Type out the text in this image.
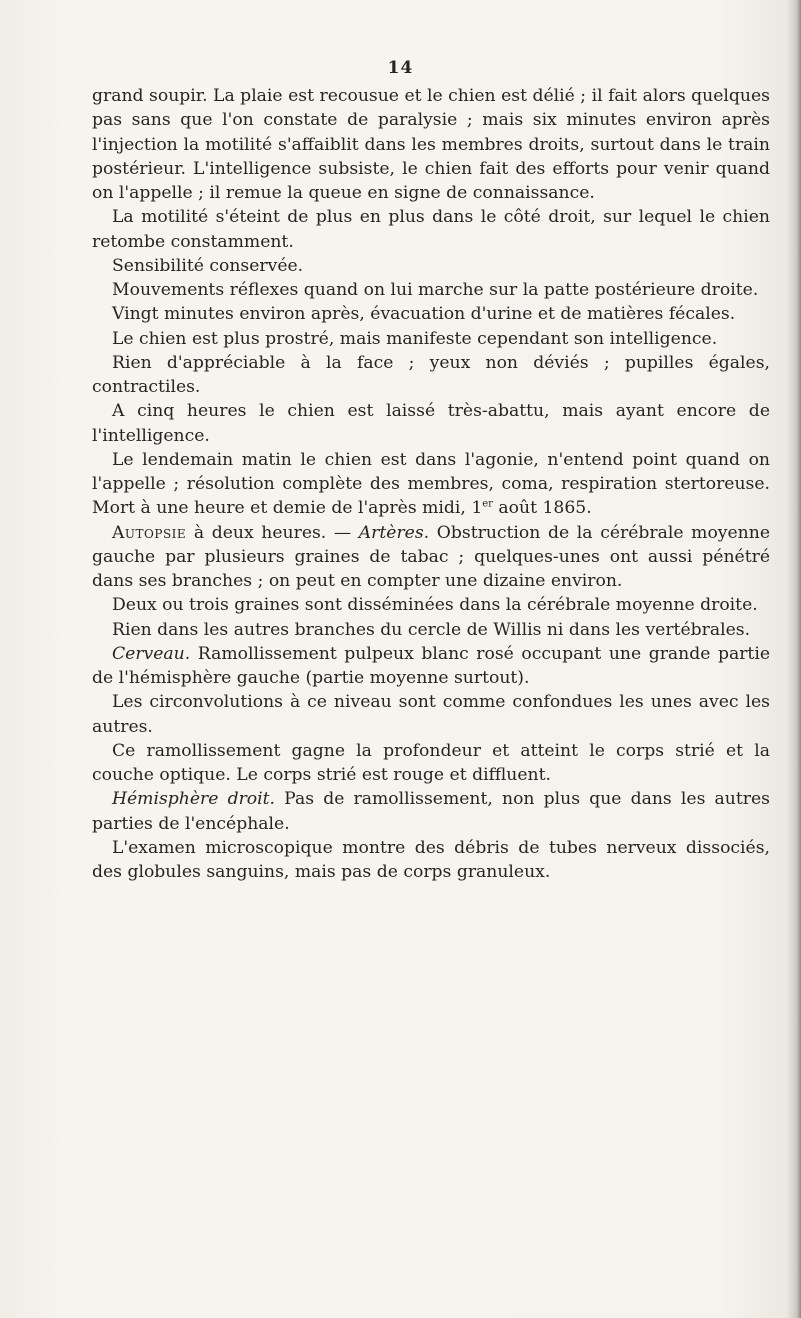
14

grand soupir. La plaie est recousue et le chien est délié ; il fait alors quelques pas sans que l'on constate de paralysie ; mais six minutes environ après l'injection la motilité s'affaiblit dans les membres droits, surtout dans le train postérieur. L'intelligence subsiste, le chien fait des efforts pour venir quand on l'appelle ; il remue la queue en signe de connaissance.

La motilité s'éteint de plus en plus dans le côté droit, sur lequel le chien retombe constamment.

Sensibilité conservée.

Mouvements réflexes quand on lui marche sur la patte postérieure droite.

Vingt minutes environ après, évacuation d'urine et de matières fécales.

Le chien est plus prostré, mais manifeste cependant son intelligence.

Rien d'appréciable à la face ; yeux non déviés ; pupilles égales, contractiles.

A cinq heures le chien est laissé très-abattu, mais ayant encore de l'intelligence.

Le lendemain matin le chien est dans l'agonie, n'entend point quand on l'appelle ; résolution complète des membres, coma, respiration stertoreuse. Mort à une heure et demie de l'après midi, 1er août 1865.

Autopsie à deux heures. — Artères. Obstruction de la cérébrale moyenne gauche par plusieurs graines de tabac ; quelques-unes ont aussi pénétré dans ses branches ; on peut en compter une dizaine environ.

Deux ou trois graines sont disséminées dans la cérébrale moyenne droite.

Rien dans les autres branches du cercle de Willis ni dans les vertébrales.

Cerveau. Ramollissement pulpeux blanc rosé occupant une grande partie de l'hémisphère gauche (partie moyenne surtout).

Les circonvolutions à ce niveau sont comme confondues les unes avec les autres.

Ce ramollissement gagne la profondeur et atteint le corps strié et la couche optique. Le corps strié est rouge et diffluent.

Hémisphère droit. Pas de ramollissement, non plus que dans les autres parties de l'encéphale.

L'examen microscopique montre des débris de tubes nerveux dissociés, des globules sanguins, mais pas de corps granuleux.
